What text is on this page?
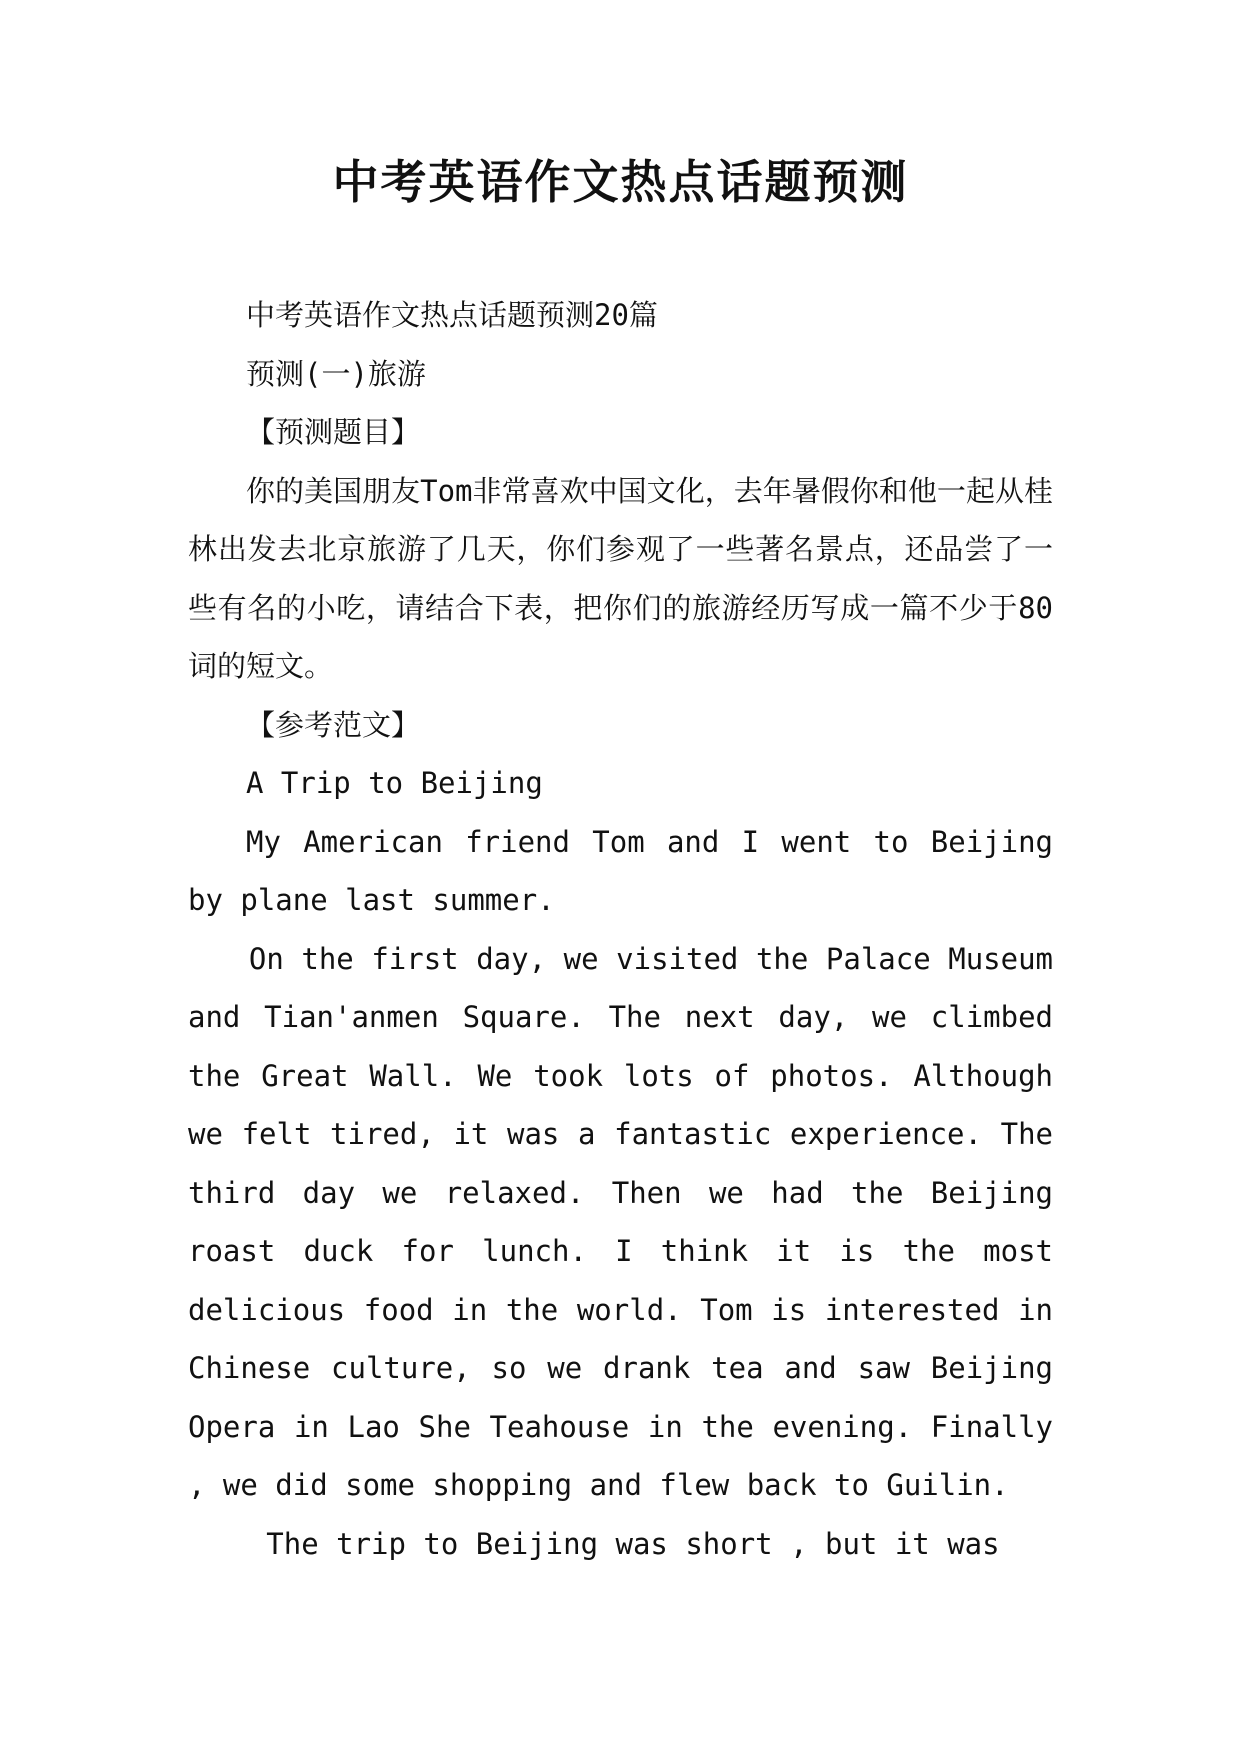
中考英语作文热点话题预测

中考英语作文热点话题预测20篇

预测(一)旅游

【预测题目】

你的美国朋友Tom非常喜欢中国文化，去年暑假你和他一起从桂林出发去北京旅游了几天，你们参观了一些著名景点，还品尝了一些有名的小吃，请结合下表，把你们的旅游经历写成一篇不少于80词的短文。

【参考范文】

A Trip to Beijing

My American friend Tom and I went to Beijing by plane last summer.

On the first day, we visited the Palace Museum and Tian'anmen Square. The next day, we climbed the Great Wall. We took lots of photos. Although we felt tired, it was a fantastic experience. The third day we relaxed. Then we had the Beijing roast duck for lunch. I think it is the most delicious food in the world. Tom is interested in Chinese culture, so we drank tea and saw Beijing Opera in Lao She Teahouse in the evening. Finally , we did some shopping and flew back to Guilin.

The trip to Beijing was short , but it was
